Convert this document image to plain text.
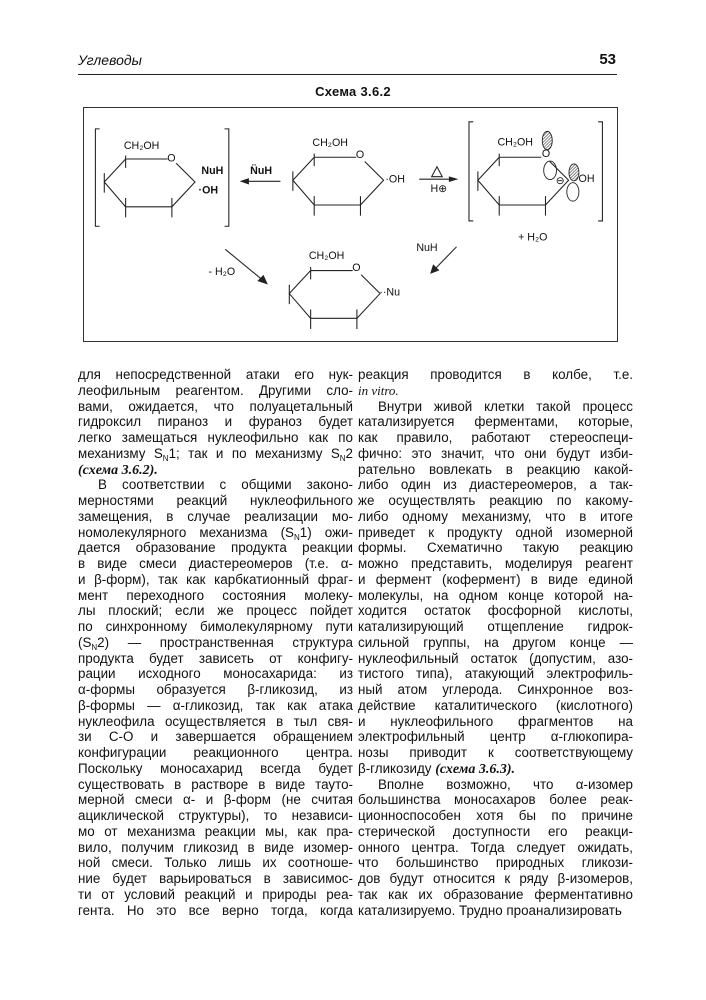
Углеводы	53
Схема 3.6.2
CH₂OH
O
NuH
·OH
CH₂OH
O
·OH
CH₂OH
O
⊖ OH
+ H₂O
N̈uH
H⊕
- H₂O
NuH
CH₂OH
O
··Nu
для непосредственной атаки его нук-
леофильным реагентом. Другими сло-
вами, ожидается, что полуацетальный
гидроксил пираноз и фураноз будет
легко замещаться нуклеофильно как по
механизму $S_N1$; так и по механизму $S_N2$
(схема 3.6.2).
В соответствии с общими законо-
мерностями реакций нуклеофильного
замещения, в случае реализации мо-
номолекулярного механизма $(S_N1)$ ожи-
дается образование продукта реакции
в виде смеси диастереомеров (т.е. α-
и β-форм), так как карбкатионный фраг-
мент переходного состояния молеку-
лы плоский; если же процесс пойдет
по синхронному бимолекулярному пути
$(S_N2)$ — пространственная структура
продукта будет зависеть от конфигу-
рации исходного моносахарида: из
α-формы образуется β-гликозид, из
β-формы — α-гликозид, так как атака
нуклеофила осуществляется в тыл свя-
зи С-О и завершается обращением
конфигурации реакционного центра.
Поскольку моносахарид всегда будет
существовать в растворе в виде тауто-
мерной смеси α- и β-форм (не считая
ациклической структуры), то независи-
мо от механизма реакции мы, как пра-
вило, получим гликозид в виде изомер-
ной смеси. Только лишь их соотноше-
ние будет варьироваться в зависимос-
ти от условий реакций и природы реа-
гента. Но это все верно тогда, когда
реакция проводится в колбе, т.е.
in vitro.
Внутри живой клетки такой процесс
катализируется ферментами, которые,
как правило, работают стереоспеци-
фично: это значит, что они будут изби-
рательно вовлекать в реакцию какой-
либо один из диастереомеров, а так-
же осуществлять реакцию по какому-
либо одному механизму, что в итоге
приведет к продукту одной изомерной
формы. Схематично такую реакцию
можно представить, моделируя реагент
и фермент (кофермент) в виде единой
молекулы, на одном конце которой на-
ходится остаток фосфорной кислоты,
катализирующий отщепление гидрок-
сильной группы, на другом конце —
нуклеофильный остаток (допустим, азо-
тистого типа), атакующий электрофиль-
ный атом углерода. Синхронное воз-
действие каталитического (кислотного)
и нуклеофильного фрагментов на
электрофильный центр α-глюкопира-
нозы приводит к соответствующему
β-гликозиду (схема 3.6.3).
Вполне возможно, что α-изомер
большинства моносахаров более реак-
ционноспособен хотя бы по причине
стерической доступности его реакци-
онного центра. Тогда следует ожидать,
что большинство природных гликози-
дов будут относится к ряду β-изомеров,
так как их образование ферментативно
катализируемо. Трудно проанализировать
